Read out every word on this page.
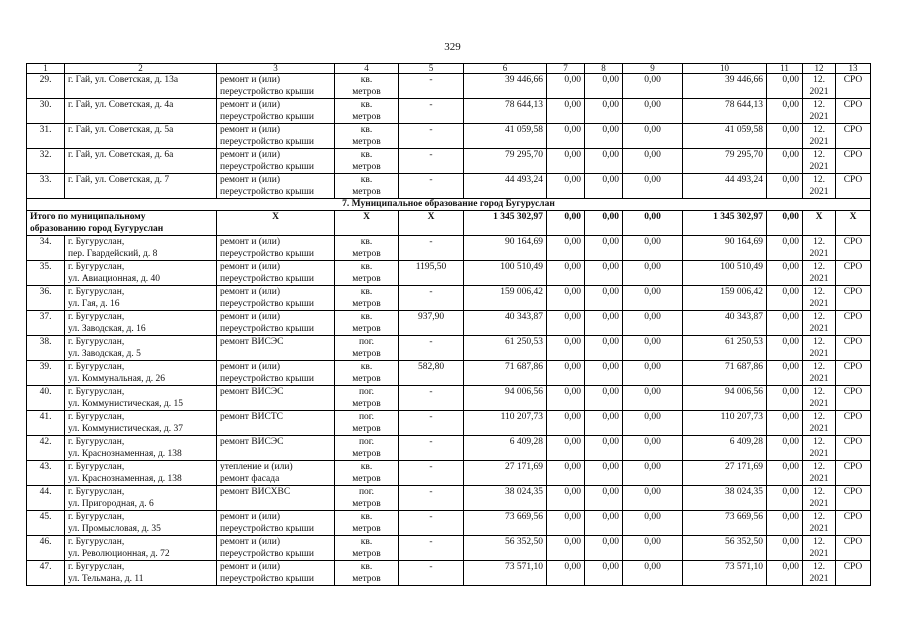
329
1	2	3	4	5	6	7	8	9	10	11	12	13

29.	г. Гай, ул. Советская, д. 13а	ремонт и (или)
переустройство крыши	кв.
метров	-	39 446,66	0,00	0,00	0,00	39 446,66	0,00	12.
2021	СРО

30.	г. Гай, ул. Советская, д. 4а	ремонт и (или)
переустройство крыши	кв.
метров	-	78 644,13	0,00	0,00	0,00	78 644,13	0,00	12.
2021	СРО

31.	г. Гай, ул. Советская, д. 5а	ремонт и (или)
переустройство крыши	кв.
метров	-	41 059,58	0,00	0,00	0,00	41 059,58	0,00	12.
2021	СРО

32.	г. Гай, ул. Советская, д. 6а	ремонт и (или)
переустройство крыши	кв.
метров	-	79 295,70	0,00	0,00	0,00	79 295,70	0,00	12.
2021	СРО

33.	г. Гай, ул. Советская, д. 7	ремонт и (или)
переустройство крыши	кв.
метров	-	44 493,24	0,00	0,00	0,00	44 493,24	0,00	12.
2021	СРО

7. Муниципальное образование город Бугуруслан												

Итого по муниципальному
образованию город Бугуруслан		X	X	X	1 345 302,97	0,00	0,00	0,00	1 345 302,97	0,00	X	X

34.	г. Бугуруслан,
пер. Гвардейский, д. 8	ремонт и (или)
переустройство крыши	кв.
метров	-	90 164,69	0,00	0,00	0,00	90 164,69	0,00	12.
2021	СРО

35.	г. Бугуруслан,
ул. Авиационная, д. 40	ремонт и (или)
переустройство крыши	кв.
метров	1195,50	100 510,49	0,00	0,00	0,00	100 510,49	0,00	12.
2021	СРО

36.	г. Бугуруслан,
ул. Гая, д. 16	ремонт и (или)
переустройство крыши	кв.
метров	-	159 006,42	0,00	0,00	0,00	159 006,42	0,00	12.
2021	СРО

37.	г. Бугуруслан,
ул. Заводская, д. 16	ремонт и (или)
переустройство крыши	кв.
метров	937,90	40 343,87	0,00	0,00	0,00	40 343,87	0,00	12.
2021	СРО

38.	г. Бугуруслан,
ул. Заводская, д. 5	ремонт ВИСЭС	пог.
метров	-	61 250,53	0,00	0,00	0,00	61 250,53	0,00	12.
2021	СРО

39.	г. Бугуруслан,
ул. Коммунальная, д. 26	ремонт и (или)
переустройство крыши	кв.
метров	582,80	71 687,86	0,00	0,00	0,00	71 687,86	0,00	12.
2021	СРО

40.	г. Бугуруслан,
ул. Коммунистическая, д. 15	ремонт ВИСЭС	пог.
метров	-	94 006,56	0,00	0,00	0,00	94 006,56	0,00	12.
2021	СРО

41.	г. Бугуруслан,
ул. Коммунистическая, д. 37	ремонт ВИСТС	пог.
метров	-	110 207,73	0,00	0,00	0,00	110 207,73	0,00	12.
2021	СРО

42.	г. Бугуруслан,
ул. Краснознаменная, д. 138	ремонт ВИСЭС	пог.
метров	-	6 409,28	0,00	0,00	0,00	6 409,28	0,00	12.
2021	СРО

43.	г. Бугуруслан,
ул. Краснознаменная, д. 138	утепление и (или)
ремонт фасада	кв.
метров	-	27 171,69	0,00	0,00	0,00	27 171,69	0,00	12.
2021	СРО

44.	г. Бугуруслан,
ул. Пригородная, д. 6	ремонт ВИСХВС	пог.
метров	-	38 024,35	0,00	0,00	0,00	38 024,35	0,00	12.
2021	СРО

45.	г. Бугуруслан,
ул. Промысловая, д. 35	ремонт и (или)
переустройство крыши	кв.
метров	-	73 669,56	0,00	0,00	0,00	73 669,56	0,00	12.
2021	СРО

46.	г. Бугуруслан,
ул. Революционная, д. 72	ремонт и (или)
переустройство крыши	кв.
метров	-	56 352,50	0,00	0,00	0,00	56 352,50	0,00	12.
2021	СРО

47.	г. Бугуруслан,
ул. Тельмана, д. 11	ремонт и (или)
переустройство крыши	кв.
метров	-	73 571,10	0,00	0,00	0,00	73 571,10	0,00	12.
2021	СРО
